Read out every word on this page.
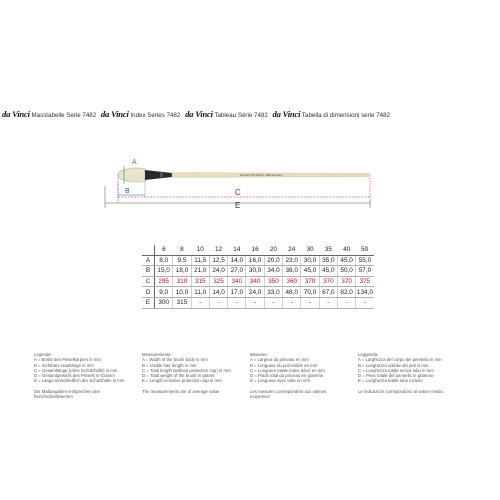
da Vinci Masstabelle Serie 7482 da Vinci Index Series 7482 da Vinci Tableau Série 7482 da Vinci Tabella di dimensioni serie 7482
da Vinci TOP-ACRYL 7482 Germany
A
B	C
E
	6	8	10	12	14	16	20	24	30	35	40	50
A	8,0	9,5	11,5	12,5	14,0	16,0	20,0	23,0	30,0	35,0	45,0	55,0
B	15,0	18,0	21,0	24,0	27,0	30,0	34,0	38,0	45,0	45,0	50,0	57,0
C	295	310	315	325	340	340	350	360	370	370	370	375
D	9,0	10,0	11,0	14,0	17,0	24,0	33,0	48,0	70,0	67,0	82,0	134,0
E	300	315	-	-	-	-	-	-	-	-	-	-
Legende:
A = Breite des Pinselkörpers in mm
B = Sichtbare Haarlänge in mm
C = Gesamtlänge (ohne Schutzhülle) in mm
D = Gesamtgewicht des Pinsels in Gramm
E = Länge einschließlich der Schutzhülle in mm
Die Maßangaben entsprechen den
Durchschnittswerten
Measurements:
A = Width of the brush body in mm
B = Visible hair length in mm
C = Total length (without protection cap) in mm
D = Total weight of the brush in grams
E = Length inclusive protection cap in mm
The measurements are of average value
Mesures:
A = Largeur du pinceau en mm
B = Longueur du poil visible en mm
C = Longueur totale (sans tube) en mm
D = Poids total du pinceau en gramme
E = Longueur avec tube en mm
Les mesures correspondent aux valeurs
moyennes
Leggenda:
A = Larghezza del corpo del pennello in mm
B = Lunghezza visibile dei peli in mm
C = Lunghezza totale senza tubo in mm
D = Peso totale del pennello in grammo
E = Lunghezza totale tubo incluso
Le indicazioni corrispondono al valore medio.
